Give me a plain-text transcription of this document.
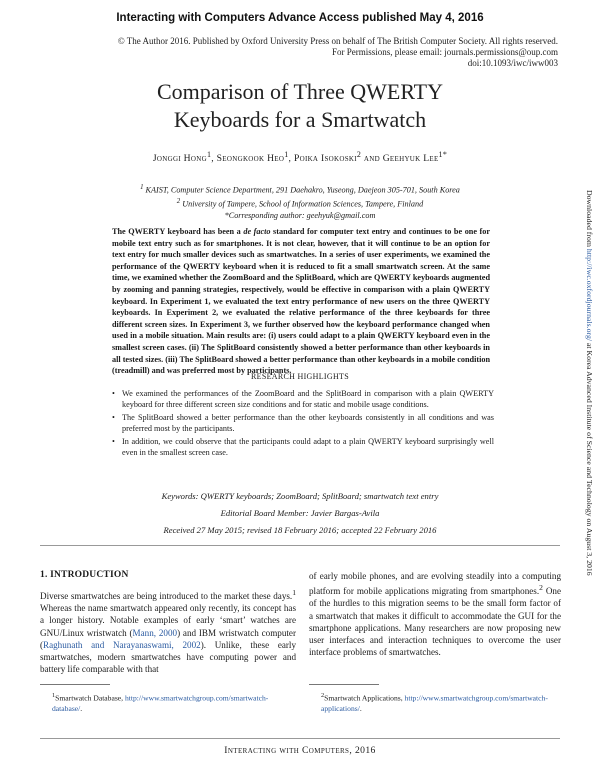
Interacting with Computers Advance Access published May 4, 2016
© The Author 2016. Published by Oxford University Press on behalf of The British Computer Society. All rights reserved.
For Permissions, please email: journals.permissions@oup.com
doi:10.1093/iwc/iww003
Comparison of Three QWERTY
Keyboards for a Smartwatch
Jonggi Hong$^1$, Seongkook Heo$^1$, Poika Isokoski$^2$ and Geehyuk Lee$^{1*}$
$^1$ KAIST, Computer Science Department, 291 Daehakro, Yuseong, Daejeon 305-701, South Korea
$^2$ University of Tampere, School of Information Sciences, Tampere, Finland
*Corresponding author: geehyuk@gmail.com
The QWERTY keyboard has been a de facto standard for computer text entry and continues to be one for mobile text entry such as for smartphones. It is not clear, however, that it will continue to be an option for text entry for much smaller devices such as smartwatches. In a series of user experiments, we examined the performance of the QWERTY keyboard when it is reduced to fit a small smartwatch screen. At the same time, we examined whether the ZoomBoard and the SplitBoard, which are QWERTY keyboards augmented by zooming and panning strategies, respectively, would be effective in comparison with a plain QWERTY keyboard. In Experiment 1, we evaluated the text entry performance of new users on the three QWERTY keyboards. In Experiment 2, we evaluated the relative performance of the three keyboards for three different screen sizes. In Experiment 3, we further observed how the keyboard performance changed when used in a mobile situation. Main results are: (i) users could adapt to a plain QWERTY keyboard even in the smallest screen cases. (ii) The SplitBoard consistently showed a better performance than other keyboards in all tested sizes. (iii) The SplitBoard showed a better performance than other keyboards in a mobile condition (treadmill) and was preferred most by participants.
RESEARCH HIGHLIGHTS
• We examined the performances of the ZoomBoard and the SplitBoard in comparison with a plain QWERTY keyboard for three different screen size conditions and for static and mobile usage conditions.
• The SplitBoard showed a better performance than the other keyboards consistently in all conditions and was preferred most by the participants.
• In addition, we could observe that the participants could adapt to a plain QWERTY keyboard surprisingly well even in the smallest screen case.
Keywords: QWERTY keyboards; ZoomBoard; SplitBoard; smartwatch text entry
Editorial Board Member: Javier Bargas-Avila
Received 27 May 2015; revised 18 February 2016; accepted 22 February 2016
1. INTRODUCTION
Diverse smartwatches are being introduced to the market these days.$^1$ Whereas the name smartwatch appeared only recently, its concept has a longer history. Notable examples of early ‘smart’ watches are GNU/Linux wristwatch (Mann, 2000) and IBM wristwatch computer (Raghunath and Narayanaswami, 2002). Unlike, these early smartwatches, modern smartwatches have computing power and battery life comparable with that
of early mobile phones, and are evolving steadily into a computing platform for mobile applications migrating from smartphones.$^2$ One of the hurdles to this migration seems to be the small form factor of a smartwatch that makes it difficult to accommodate the GUI for the smartphone applications. Many researchers are now proposing new user interfaces and interaction techniques to overcome the user interface problems of smartwatches.
$^1$Smartwatch Database, http://www.smartwatchgroup.com/smartwatch-database/.
$^2$Smartwatch Applications, http://www.smartwatchgroup.com/smartwatch-applications/.
Interacting with Computers, 2016
Downloaded from http://iwc.oxfordjournals.org/ at Korea Advanced Institute of Science and Technology on August 3, 2016
